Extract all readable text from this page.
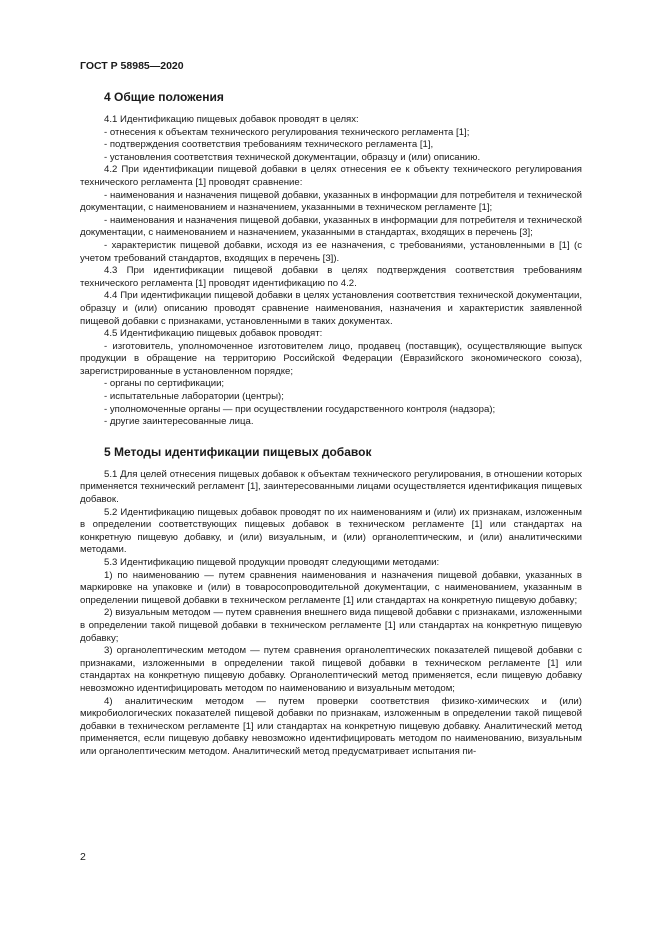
ГОСТ Р 58985—2020
4 Общие положения

4.1 Идентификацию пищевых добавок проводят в целях:

- отнесения к объектам технического регулирования технического регламента [1];

- подтверждения соответствия требованиям технического регламента [1],

- установления соответствия технической документации, образцу и (или) описанию.

4.2 При идентификации пищевой добавки в целях отнесения ее к объекту технического регулирования технического регламента [1] проводят сравнение:

- наименования и назначения пищевой добавки, указанных в информации для потребителя и технической документации, с наименованием и назначением, указанными в техническом регламенте [1];

- наименования и назначения пищевой добавки, указанных в информации для потребителя и технической документации, с наименованием и назначением, указанными в стандартах, входящих в перечень [3];

- характеристик пищевой добавки, исходя из ее назначения, с требованиями, установленными в [1] (с учетом требований стандартов, входящих в перечень [3]).

4.3 При идентификации пищевой добавки в целях подтверждения соответствия требованиям технического регламента [1] проводят идентификацию по 4.2.

4.4 При идентификации пищевой добавки в целях установления соответствия технической документации, образцу и (или) описанию проводят сравнение наименования, назначения и характеристик заявленной пищевой добавки с признаками, установленными в таких документах.

4.5 Идентификацию пищевых добавок проводят:

- изготовитель, уполномоченное изготовителем лицо, продавец (поставщик), осуществляющие выпуск продукции в обращение на территорию Российской Федерации (Евразийского экономического союза), зарегистрированные в установленном порядке;

- органы по сертификации;

- испытательные лаборатории (центры);

- уполномоченные органы — при осуществлении государственного контроля (надзора);

- другие заинтересованные лица.

5 Методы идентификации пищевых добавок

5.1 Для целей отнесения пищевых добавок к объектам технического регулирования, в отношении которых применяется технический регламент [1], заинтересованными лицами осуществляется идентификация пищевых добавок.

5.2 Идентификацию пищевых добавок проводят по их наименованиям и (или) их признакам, изложенным в определении соответствующих пищевых добавок в техническом регламенте [1] или стандартах на конкретную пищевую добавку, и (или) визуальным, и (или) органолептическим, и (или) аналитическими методами.

5.3 Идентификацию пищевой продукции проводят следующими методами:

1) по наименованию — путем сравнения наименования и назначения пищевой добавки, указанных в маркировке на упаковке и (или) в товаросопроводительной документации, с наименованием, указанным в определении пищевой добавки в техническом регламенте [1] или стандартах на конкретную пищевую добавку;

2) визуальным методом — путем сравнения внешнего вида пищевой добавки с признаками, изложенными в определении такой пищевой добавки в техническом регламенте [1] или стандартах на конкретную пищевую добавку;

3) органолептическим методом — путем сравнения органолептических показателей пищевой добавки с признаками, изложенными в определении такой пищевой добавки в техническом регламенте [1] или стандартах на конкретную пищевую добавку. Органолептический метод применяется, если пищевую добавку невозможно идентифицировать методом по наименованию и визуальным методом;

4) аналитическим методом — путем проверки соответствия физико-химических и (или) микробиологических показателей пищевой добавки по признакам, изложенным в определении такой пищевой добавки в техническом регламенте [1] или стандартах на конкретную пищевую добавку. Аналитический метод применяется, если пищевую добавку невозможно идентифицировать методом по наименованию, визуальным или органолептическим методом. Аналитический метод предусматривает испытания пи-

2
